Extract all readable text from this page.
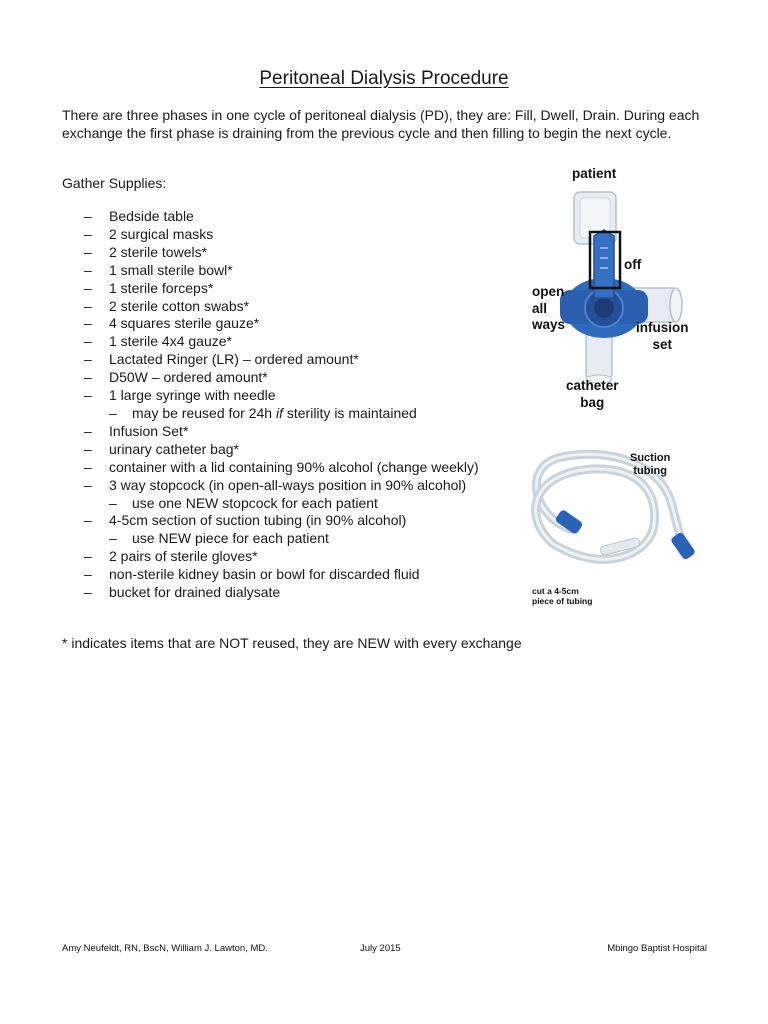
Peritoneal Dialysis Procedure
There are three phases in one cycle of peritoneal dialysis (PD), they are: Fill, Dwell, Drain. During each exchange the first phase is draining from the previous cycle and then filling to begin the next cycle.
Gather Supplies:
– Bedside table
– 2 surgical masks
– 2 sterile towels*
– 1 small sterile bowl*
– 1 sterile forceps*
– 2 sterile cotton swabs*
– 4 squares sterile gauze*
– 1 sterile 4x4 gauze*
– Lactated Ringer (LR) – ordered amount*
– D50W – ordered amount*
– 1 large syringe with needle
– may be reused for 24h if sterility is maintained
– Infusion Set*
– urinary catheter bag*
– container with a lid containing 90% alcohol (change weekly)
– 3 way stopcock (in open-all-ways position in 90% alcohol)
– use one NEW stopcock for each patient
– 4-5cm section of suction tubing (in 90% alcohol)
– use NEW piece for each patient
– 2 pairs of sterile gloves*
– non-sterile kidney basin or bowl for discarded fluid
– bucket for drained dialysate
* indicates items that are NOT reused, they are NEW with every exchange
patient
off
open
all
ways	infusion
set
catheter
bag
Suction
tubing
cut a 4-5cm
piece of tubing
Amy Neufeldt, RN, BscN, William J. Lawton, MD.	July 2015	Mbingo Baptist Hospital
